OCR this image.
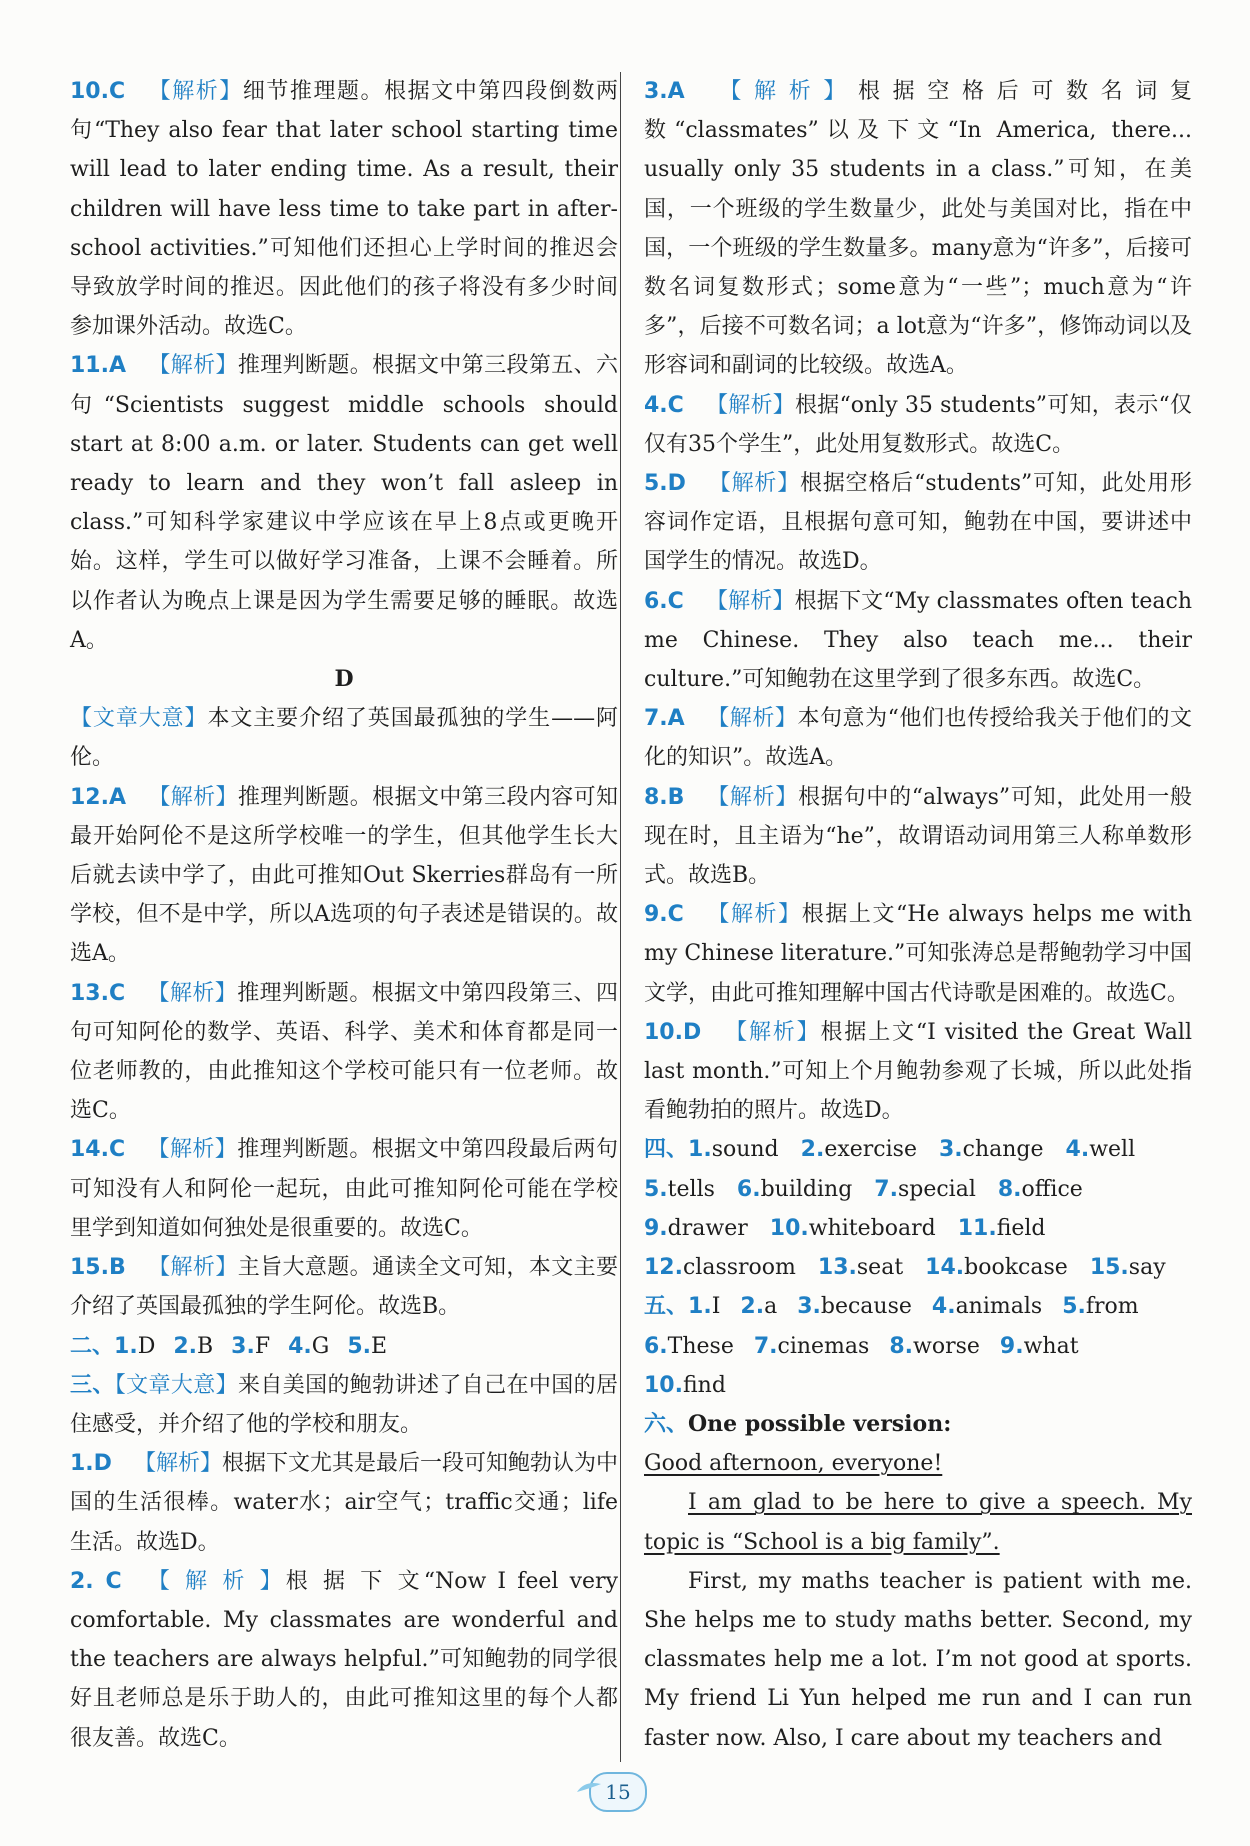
10.C  【解析】细节推理题。根据文中第四段倒数两句“They also fear that later school starting time will lead to later ending time. As a result, their children will have less time to take part in after-school activities.”可知他们还担心上学时间的推迟会导致放学时间的推迟。因此他们的孩子将没有多少时间参加课外活动。故选C。

11.A  【解析】推理判断题。根据文中第三段第五、六句“Scientists suggest middle schools should start at 8:00 a.m. or later. Students can get well ready to learn and they won’t fall asleep in class.”可知科学家建议中学应该在早上8点或更晚开始。这样，学生可以做好学习准备，上课不会睡着。所以作者认为晚点上课是因为学生需要足够的睡眠。故选A。

D

【文章大意】本文主要介绍了英国最孤独的学生——阿伦。

12.A  【解析】推理判断题。根据文中第三段内容可知最开始阿伦不是这所学校唯一的学生，但其他学生长大后就去读中学了，由此可推知Out Skerries群岛有一所学校，但不是中学，所以A选项的句子表述是错误的。故选A。

13.C  【解析】推理判断题。根据文中第四段第三、四句可知阿伦的数学、英语、科学、美术和体育都是同一位老师教的，由此推知这个学校可能只有一位老师。故选C。

14.C  【解析】推理判断题。根据文中第四段最后两句可知没有人和阿伦一起玩，由此可推知阿伦可能在学校里学到知道如何独处是很重要的。故选C。

15.B  【解析】主旨大意题。通读全文可知，本文主要介绍了英国最孤独的学生阿伦。故选B。

二、1.D 2.B 3.F 4.G 5.E

三、【文章大意】来自美国的鲍勃讲述了自己在中国的居住感受，并介绍了他的学校和朋友。

1.D  【解析】根据下文尤其是最后一段可知鲍勃认为中国的生活很棒。water水；air空气；traffic交通；life生活。故选D。

2. C  【 解 析 】根 据 下 文“Now I feel very comfortable. My classmates are wonderful and the teachers are always helpful.”可知鲍勃的同学很好且老师总是乐于助人的，由此可推知这里的每个人都很友善。故选C。

3.A  【解析】根据空格后可数名词复数“classmates”以及下文“In America, there... usually only 35 students in a class.”可知，在美国，一个班级的学生数量少，此处与美国对比，指在中国，一个班级的学生数量多。many意为“许多”，后接可数名词复数形式；some意为“一些”；much意为“许多”，后接不可数名词；a lot意为“许多”，修饰动词以及形容词和副词的比较级。故选A。

4.C  【解析】根据“only 35 students”可知，表示“仅仅有35个学生”，此处用复数形式。故选C。

5.D  【解析】根据空格后“students”可知，此处用形容词作定语，且根据句意可知，鲍勃在中国，要讲述中国学生的情况。故选D。

6.C  【解析】根据下文“My classmates often teach me Chinese. They also teach me... their culture.”可知鲍勃在这里学到了很多东西。故选C。

7.A  【解析】本句意为“他们也传授给我关于他们的文化的知识”。故选A。

8.B  【解析】根据句中的“always”可知，此处用一般现在时，且主语为“he”，故谓语动词用第三人称单数形式。故选B。

9.C  【解析】根据上文“He always helps me with my Chinese literature.”可知张涛总是帮鲍勃学习中国文学，由此可推知理解中国古代诗歌是困难的。故选C。

10.D  【解析】根据上文“I visited the Great Wall last month.”可知上个月鲍勃参观了长城，所以此处指看鲍勃拍的照片。故选D。

四、1.sound 2.exercise 3.change 4.well

5.tells 6.building 7.special 8.office

9.drawer 10.whiteboard 11.field

12.classroom 13.seat 14.bookcase 15.say

五、1.I 2.a 3.because 4.animals 5.from

6.These 7.cinemas 8.worse 9.what10.find

六、One possible version:

Good afternoon, everyone!

I am glad to be here to give a speech. My topic is “School is a big family”.

First, my maths teacher is patient with me. She helps me to study maths better. Second, my classmates help me a lot. I’m not good at sports. My friend Li Yun helped me run and I can run faster now. Also, I care about my teachers and

15
